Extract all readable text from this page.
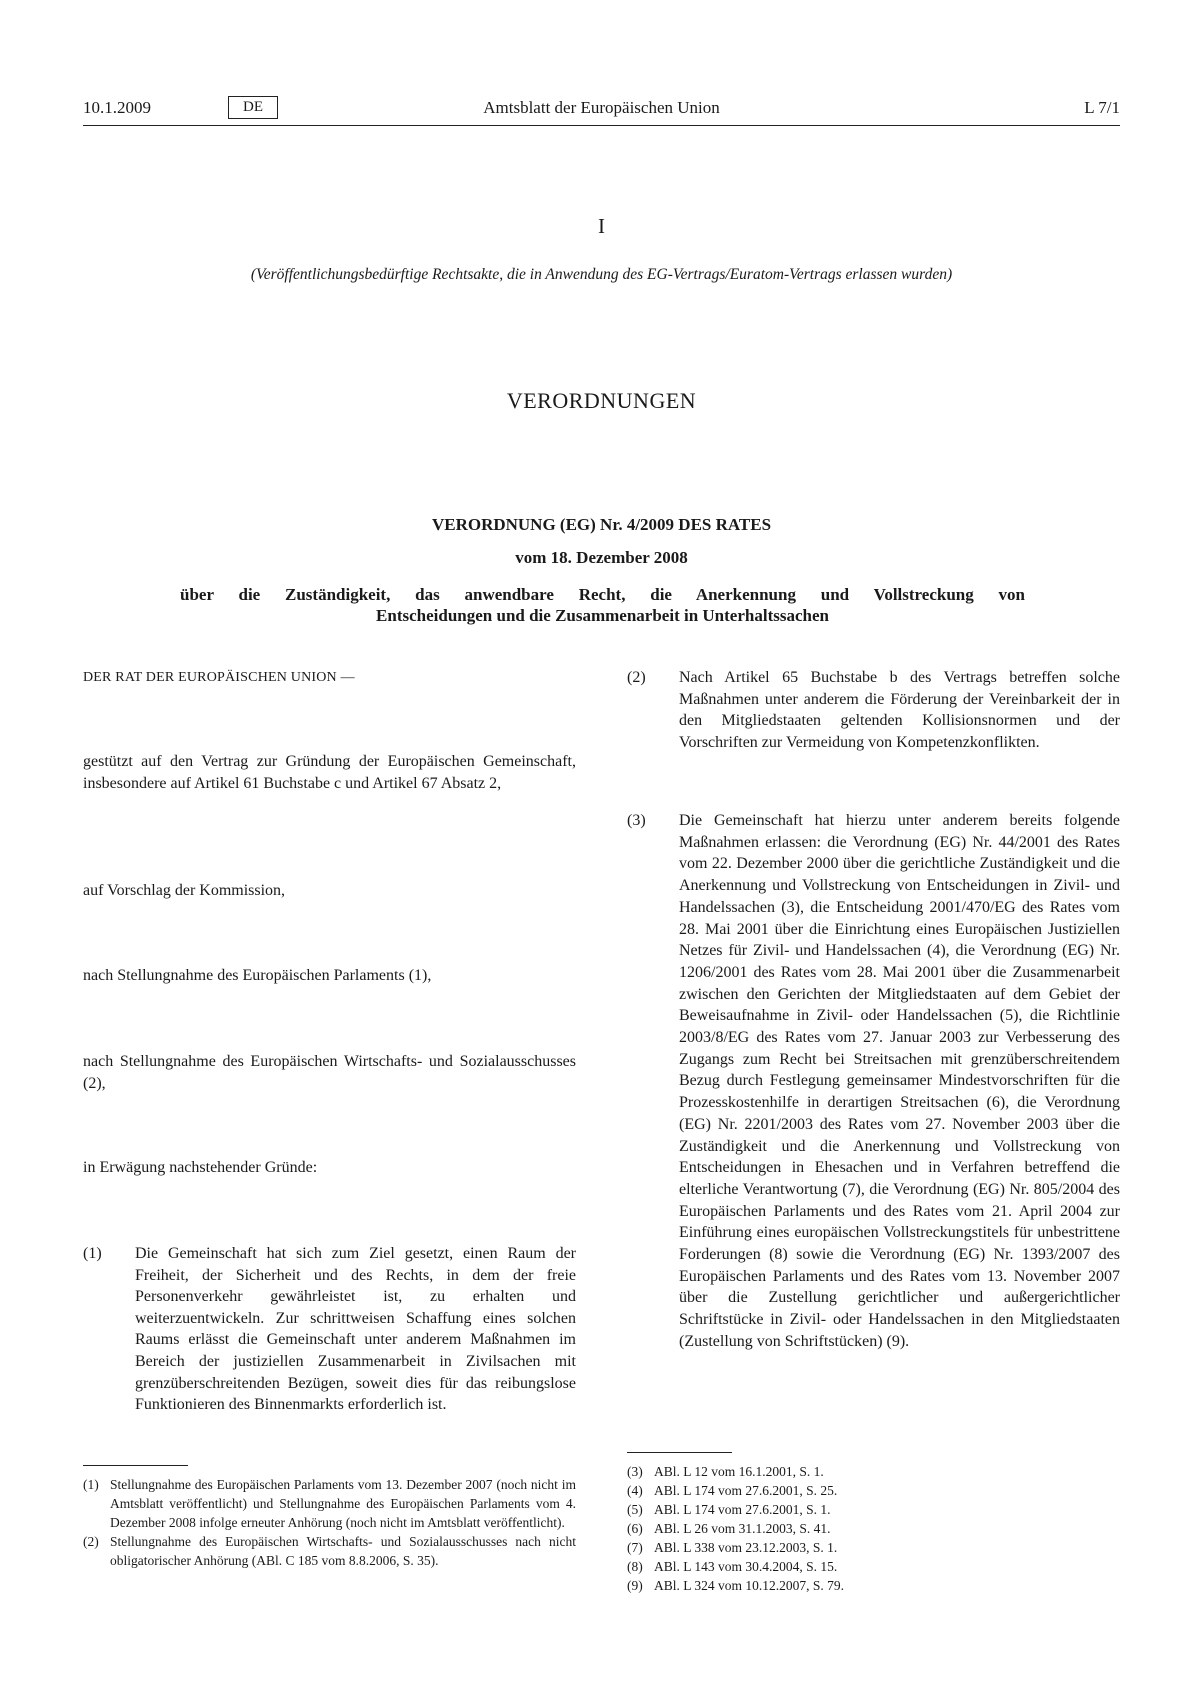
10.1.2009	DE	Amtsblatt der Europäischen Union	L 7/1
I
(Veröffentlichungsbedürftige Rechtsakte, die in Anwendung des EG-Vertrags/Euratom-Vertrags erlassen wurden)
VERORDNUNGEN
VERORDNUNG (EG) Nr. 4/2009 DES RATES
vom 18. Dezember 2008
über die Zuständigkeit, das anwendbare Recht, die Anerkennung und Vollstreckung von
Entscheidungen und die Zusammenarbeit in Unterhaltssachen
DER RAT DER EUROPÄISCHEN UNION —
gestützt auf den Vertrag zur Gründung der Europäischen Gemeinschaft, insbesondere auf Artikel 61 Buchstabe c und Artikel 67 Absatz 2,
auf Vorschlag der Kommission,
nach Stellungnahme des Europäischen Parlaments (1),
nach Stellungnahme des Europäischen Wirtschafts- und Sozialausschusses (2),
in Erwägung nachstehender Gründe:
(1) Die Gemeinschaft hat sich zum Ziel gesetzt, einen Raum der Freiheit, der Sicherheit und des Rechts, in dem der freie Personenverkehr gewährleistet ist, zu erhalten und weiterzuentwickeln. Zur schrittweisen Schaffung eines solchen Raums erlässt die Gemeinschaft unter anderem Maßnahmen im Bereich der justiziellen Zusammenarbeit in Zivilsachen mit grenzüberschreitenden Bezügen, soweit dies für das reibungslose Funktionieren des Binnenmarkts erforderlich ist.
(1) Stellungnahme des Europäischen Parlaments vom 13. Dezember 2007 (noch nicht im Amtsblatt veröffentlicht) und Stellungnahme des Europäischen Parlaments vom 4. Dezember 2008 infolge erneuter Anhörung (noch nicht im Amtsblatt veröffentlicht).
(2) Stellungnahme des Europäischen Wirtschafts- und Sozialausschusses nach nicht obligatorischer Anhörung (ABl. C 185 vom 8.8.2006, S. 35).
(2) Nach Artikel 65 Buchstabe b des Vertrags betreffen solche Maßnahmen unter anderem die Förderung der Vereinbarkeit der in den Mitgliedstaaten geltenden Kollisionsnormen und der Vorschriften zur Vermeidung von Kompetenzkonflikten.
(3) Die Gemeinschaft hat hierzu unter anderem bereits folgende Maßnahmen erlassen: die Verordnung (EG) Nr. 44/2001 des Rates vom 22. Dezember 2000 über die gerichtliche Zuständigkeit und die Anerkennung und Vollstreckung von Entscheidungen in Zivil- und Handelssachen (3), die Entscheidung 2001/470/EG des Rates vom 28. Mai 2001 über die Einrichtung eines Europäischen Justiziellen Netzes für Zivil- und Handelssachen (4), die Verordnung (EG) Nr. 1206/2001 des Rates vom 28. Mai 2001 über die Zusammenarbeit zwischen den Gerichten der Mitgliedstaaten auf dem Gebiet der Beweisaufnahme in Zivil- oder Handelssachen (5), die Richtlinie 2003/8/EG des Rates vom 27. Januar 2003 zur Verbesserung des Zugangs zum Recht bei Streitsachen mit grenzüberschreitendem Bezug durch Festlegung gemeinsamer Mindestvorschriften für die Prozesskostenhilfe in derartigen Streitsachen (6), die Verordnung (EG) Nr. 2201/2003 des Rates vom 27. November 2003 über die Zuständigkeit und die Anerkennung und Vollstreckung von Entscheidungen in Ehesachen und in Verfahren betreffend die elterliche Verantwortung (7), die Verordnung (EG) Nr. 805/2004 des Europäischen Parlaments und des Rates vom 21. April 2004 zur Einführung eines europäischen Vollstreckungstitels für unbestrittene Forderungen (8) sowie die Verordnung (EG) Nr. 1393/2007 des Europäischen Parlaments und des Rates vom 13. November 2007 über die Zustellung gerichtlicher und außergerichtlicher Schriftstücke in Zivil- oder Handelssachen in den Mitgliedstaaten (Zustellung von Schriftstücken) (9).
(3) ABl. L 12 vom 16.1.2001, S. 1.
(4) ABl. L 174 vom 27.6.2001, S. 25.
(5) ABl. L 174 vom 27.6.2001, S. 1.
(6) ABl. L 26 vom 31.1.2003, S. 41.
(7) ABl. L 338 vom 23.12.2003, S. 1.
(8) ABl. L 143 vom 30.4.2004, S. 15.
(9) ABl. L 324 vom 10.12.2007, S. 79.
